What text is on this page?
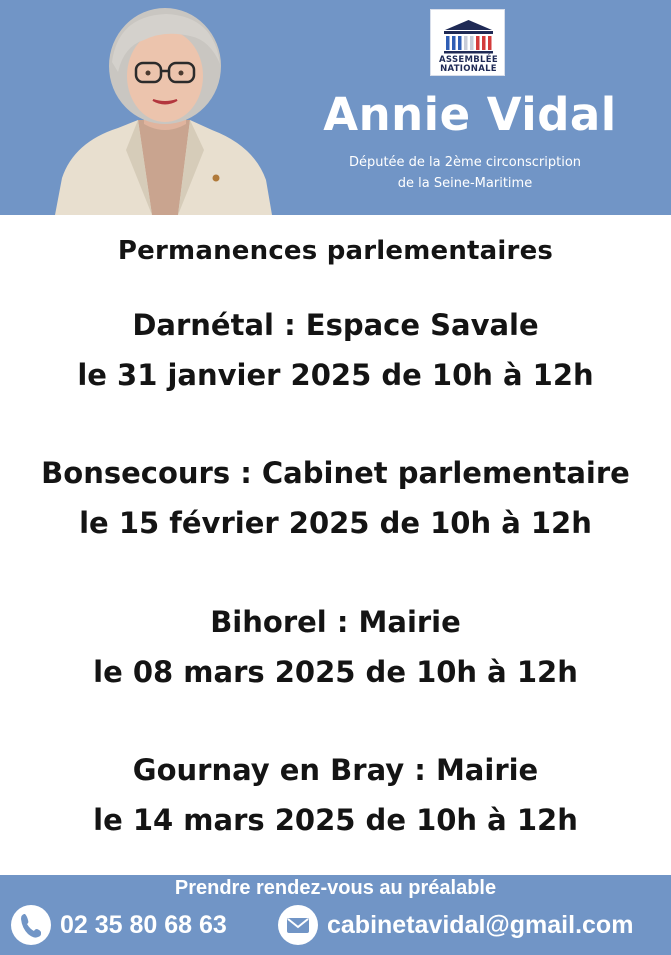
ASSEMBLÉE
NATIONALE
Annie Vidal
Députée de la 2ème circonscription
de la Seine-Maritime
Permanences parlementaires
Darnétal : Espace Savale
le 31 janvier 2025 de 10h à 12h
Bonsecours : Cabinet parlementaire
le 15 février 2025 de 10h à 12h
Bihorel : Mairie
le 08 mars 2025 de 10h à 12h
Gournay en Bray : Mairie
le 14 mars 2025 de 10h à 12h
Prendre rendez-vous au préalable
02 35 80 68 63	cabinetavidal@gmail.com
